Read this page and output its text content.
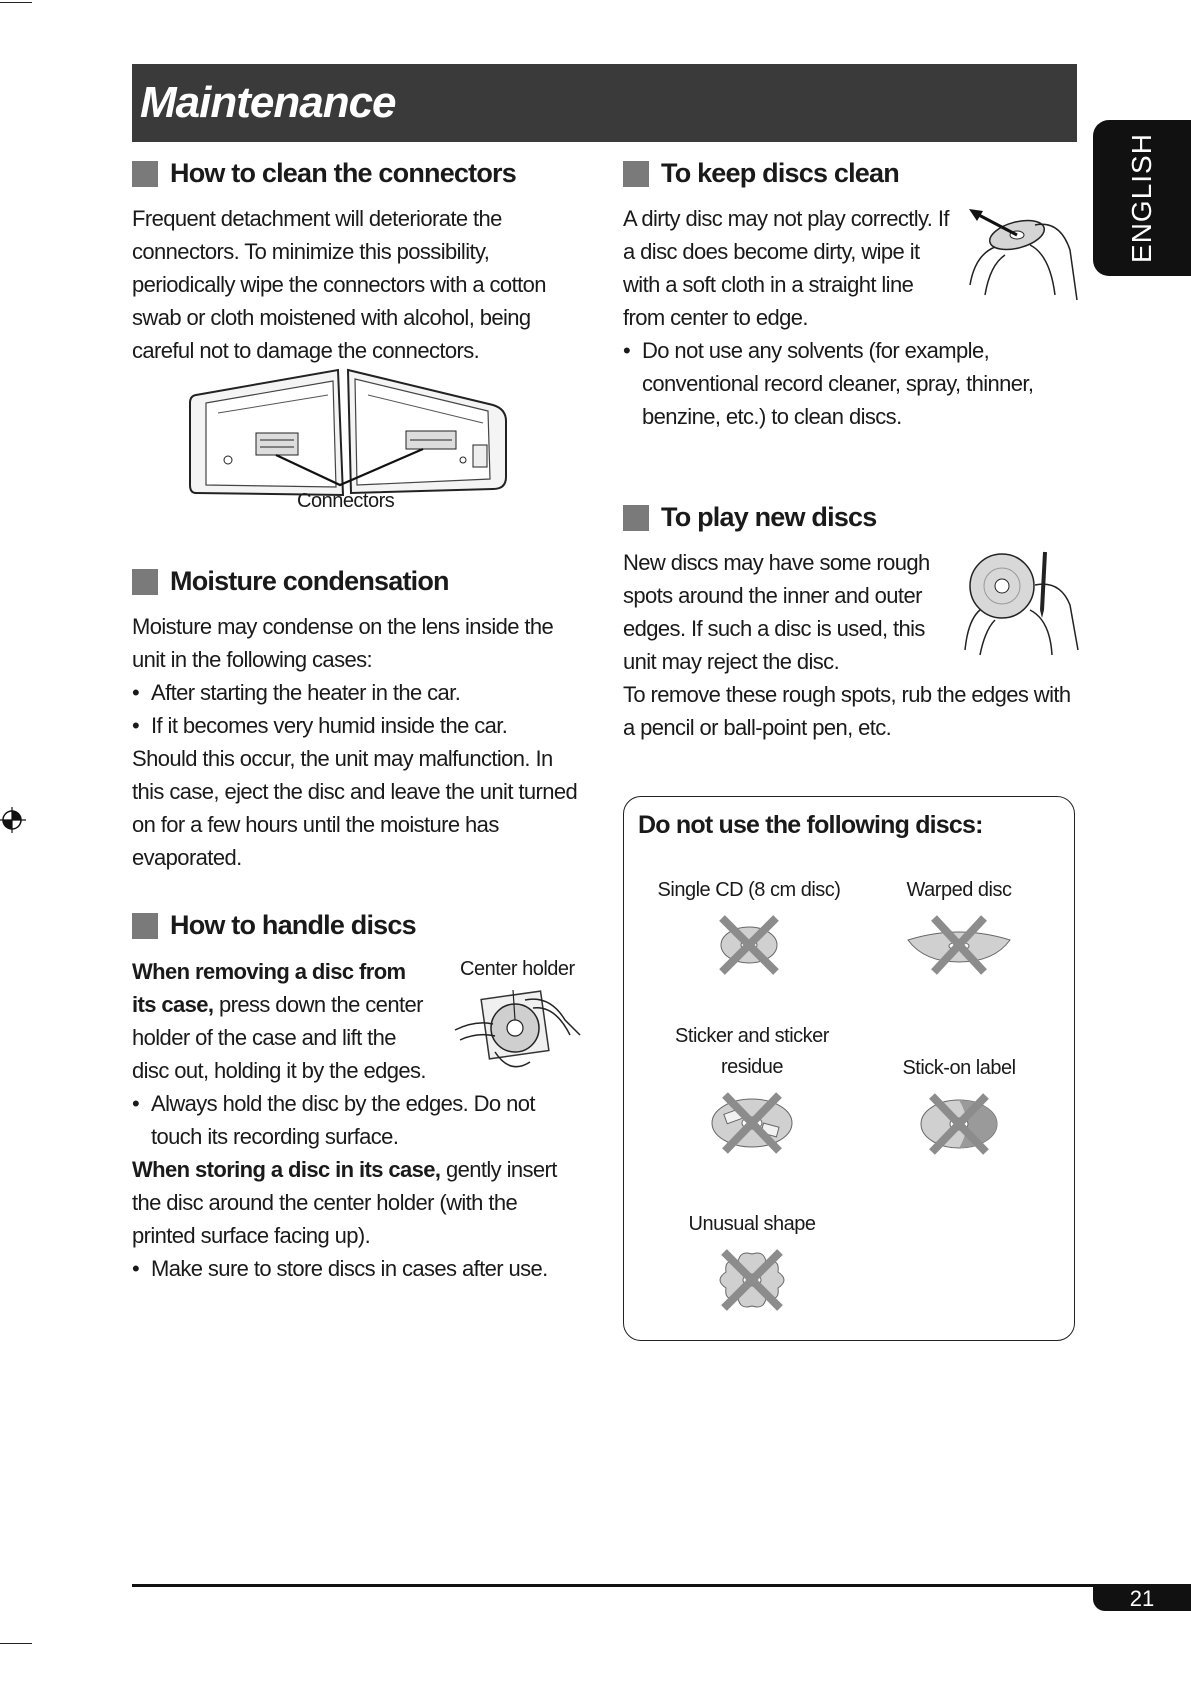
Maintenance
ENGLISH
How to clean the connectors

Frequent detachment will deteriorate the connectors. To minimize this possibility, periodically wipe the connectors with a cotton swab or cloth moistened with alcohol, being careful not to damage the connectors.

Connectors
Moisture condensation

Moisture may condense on the lens inside the unit in the following cases:

• After starting the heater in the car.

• If it becomes very humid inside the car.

Should this occur, the unit may malfunction. In this case, eject the disc and leave the unit turned on for a few hours until the moisture has evaporated.

How to handle discs

When removing a disc from its case, press down the center holder of the case and lift the disc out, holding it by the edges.

Center holder

• Always hold the disc by the edges. Do not touch its recording surface.

When storing a disc in its case, gently insert the disc around the center holder (with the printed surface facing up).

• Make sure to store discs in cases after use.

To keep discs clean

A dirty disc may not play correctly. If a disc does become dirty, wipe it with a soft cloth in a straight line from center to edge.

• Do not use any solvents (for example, conventional record cleaner, spray, thinner, benzine, etc.) to clean discs.

To play new discs

New discs may have some rough spots around the inner and outer edges. If such a disc is used, this unit may reject the disc.

To remove these rough spots, rub the edges with a pencil or ball-point pen, etc.

Do not use the following discs:
Single CD (8 cm disc)	Warped disc
Sticker and sticker residue	Stick-on label
Unusual shape
21
